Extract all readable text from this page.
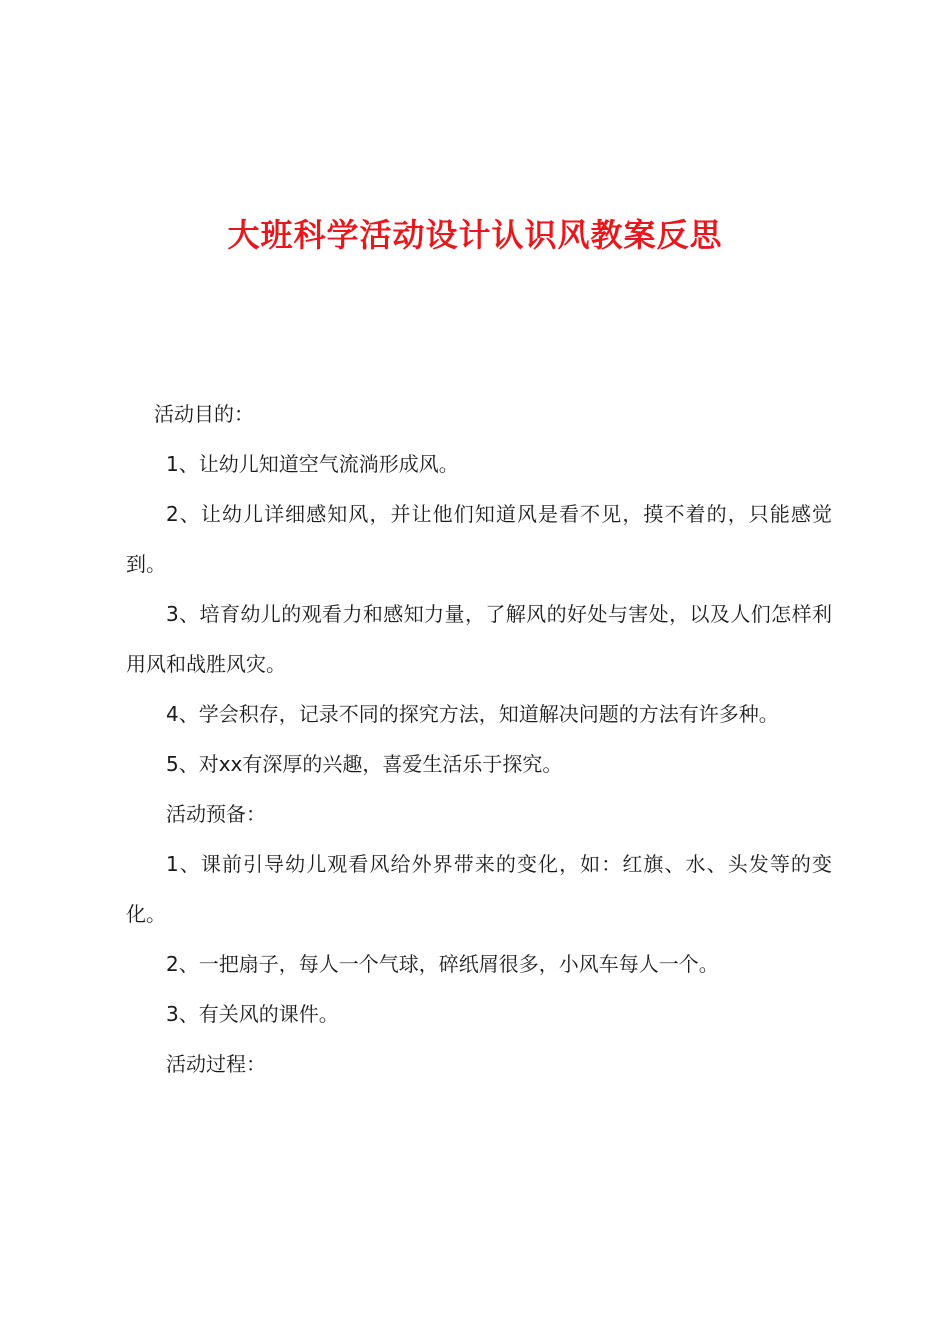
大班科学活动设计认识风教案反思

活动目的：

1、让幼儿知道空气流淌形成风。

2、让幼儿详细感知风，并让他们知道风是看不见，摸不着的，只能感觉到。

3、培育幼儿的观看力和感知力量，了解风的好处与害处，以及人们怎样利用风和战胜风灾。

4、学会积存，记录不同的探究方法，知道解决问题的方法有许多种。

5、对xx有深厚的兴趣，喜爱生活乐于探究。

活动预备：

1、课前引导幼儿观看风给外界带来的变化，如：红旗、水、头发等的变化。

2、一把扇子，每人一个气球，碎纸屑很多，小风车每人一个。

3、有关风的课件。

活动过程：
